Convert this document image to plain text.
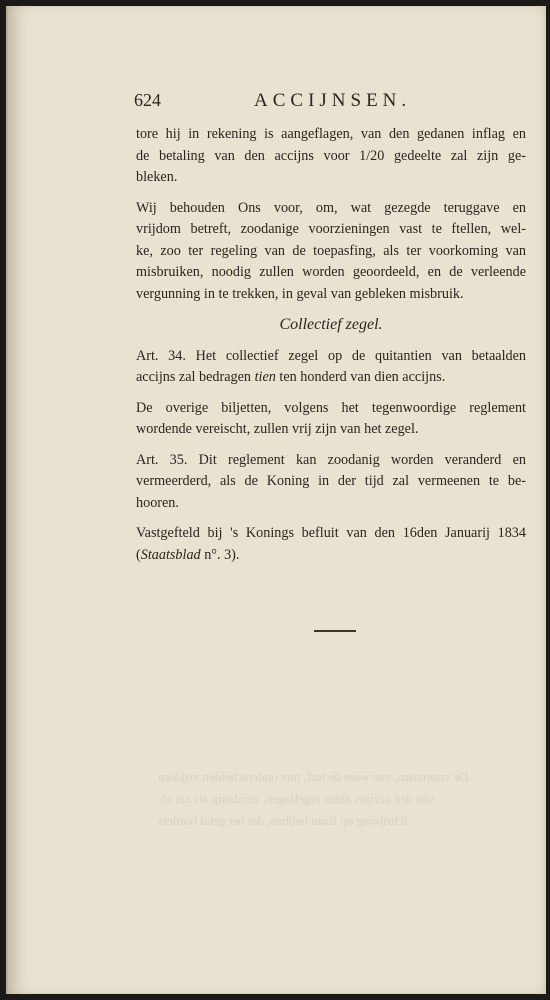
De voornaam, van wien de turf, met onderscheiden vrijdom
van den accijns aldus ingeflagen, zoodanig als zal af-
fchrijving op ftaan bebben, dat het getal borders
624	ACCIJNSEN.
tore hij in rekening is aangeflagen, van den gedanen inflag en
de betaling van den accijns voor 1/20 gedeelte zal zijn ge-
bleken.
Wij behouden Ons voor, om, wat gezegde teruggave en
vrijdom betreft, zoodanige voorzieningen vast te ftellen, wel-
ke, zoo ter regeling van de toepasfing, als ter voorkoming van
misbruiken, noodig zullen worden geoordeeld, en de verleende
vergunning in te trekken, in geval van gebleken misbruik.
Collectief zegel.
Art. 34. Het collectief zegel op de quitantien van betaalden
accijns zal bedragen tien ten honderd van dien accijns.
De overige biljetten, volgens het tegenwoordige reglement
wordende vereischt, zullen vrij zijn van het zegel.
Art. 35. Dit reglement kan zoodanig worden veranderd en
vermeerderd, als de Koning in der tijd zal vermeenen te be-
hooren.
Vastgefteld bij 's Konings befluit van den 16den Januarij 1834
(Staatsblad n°. 3).
